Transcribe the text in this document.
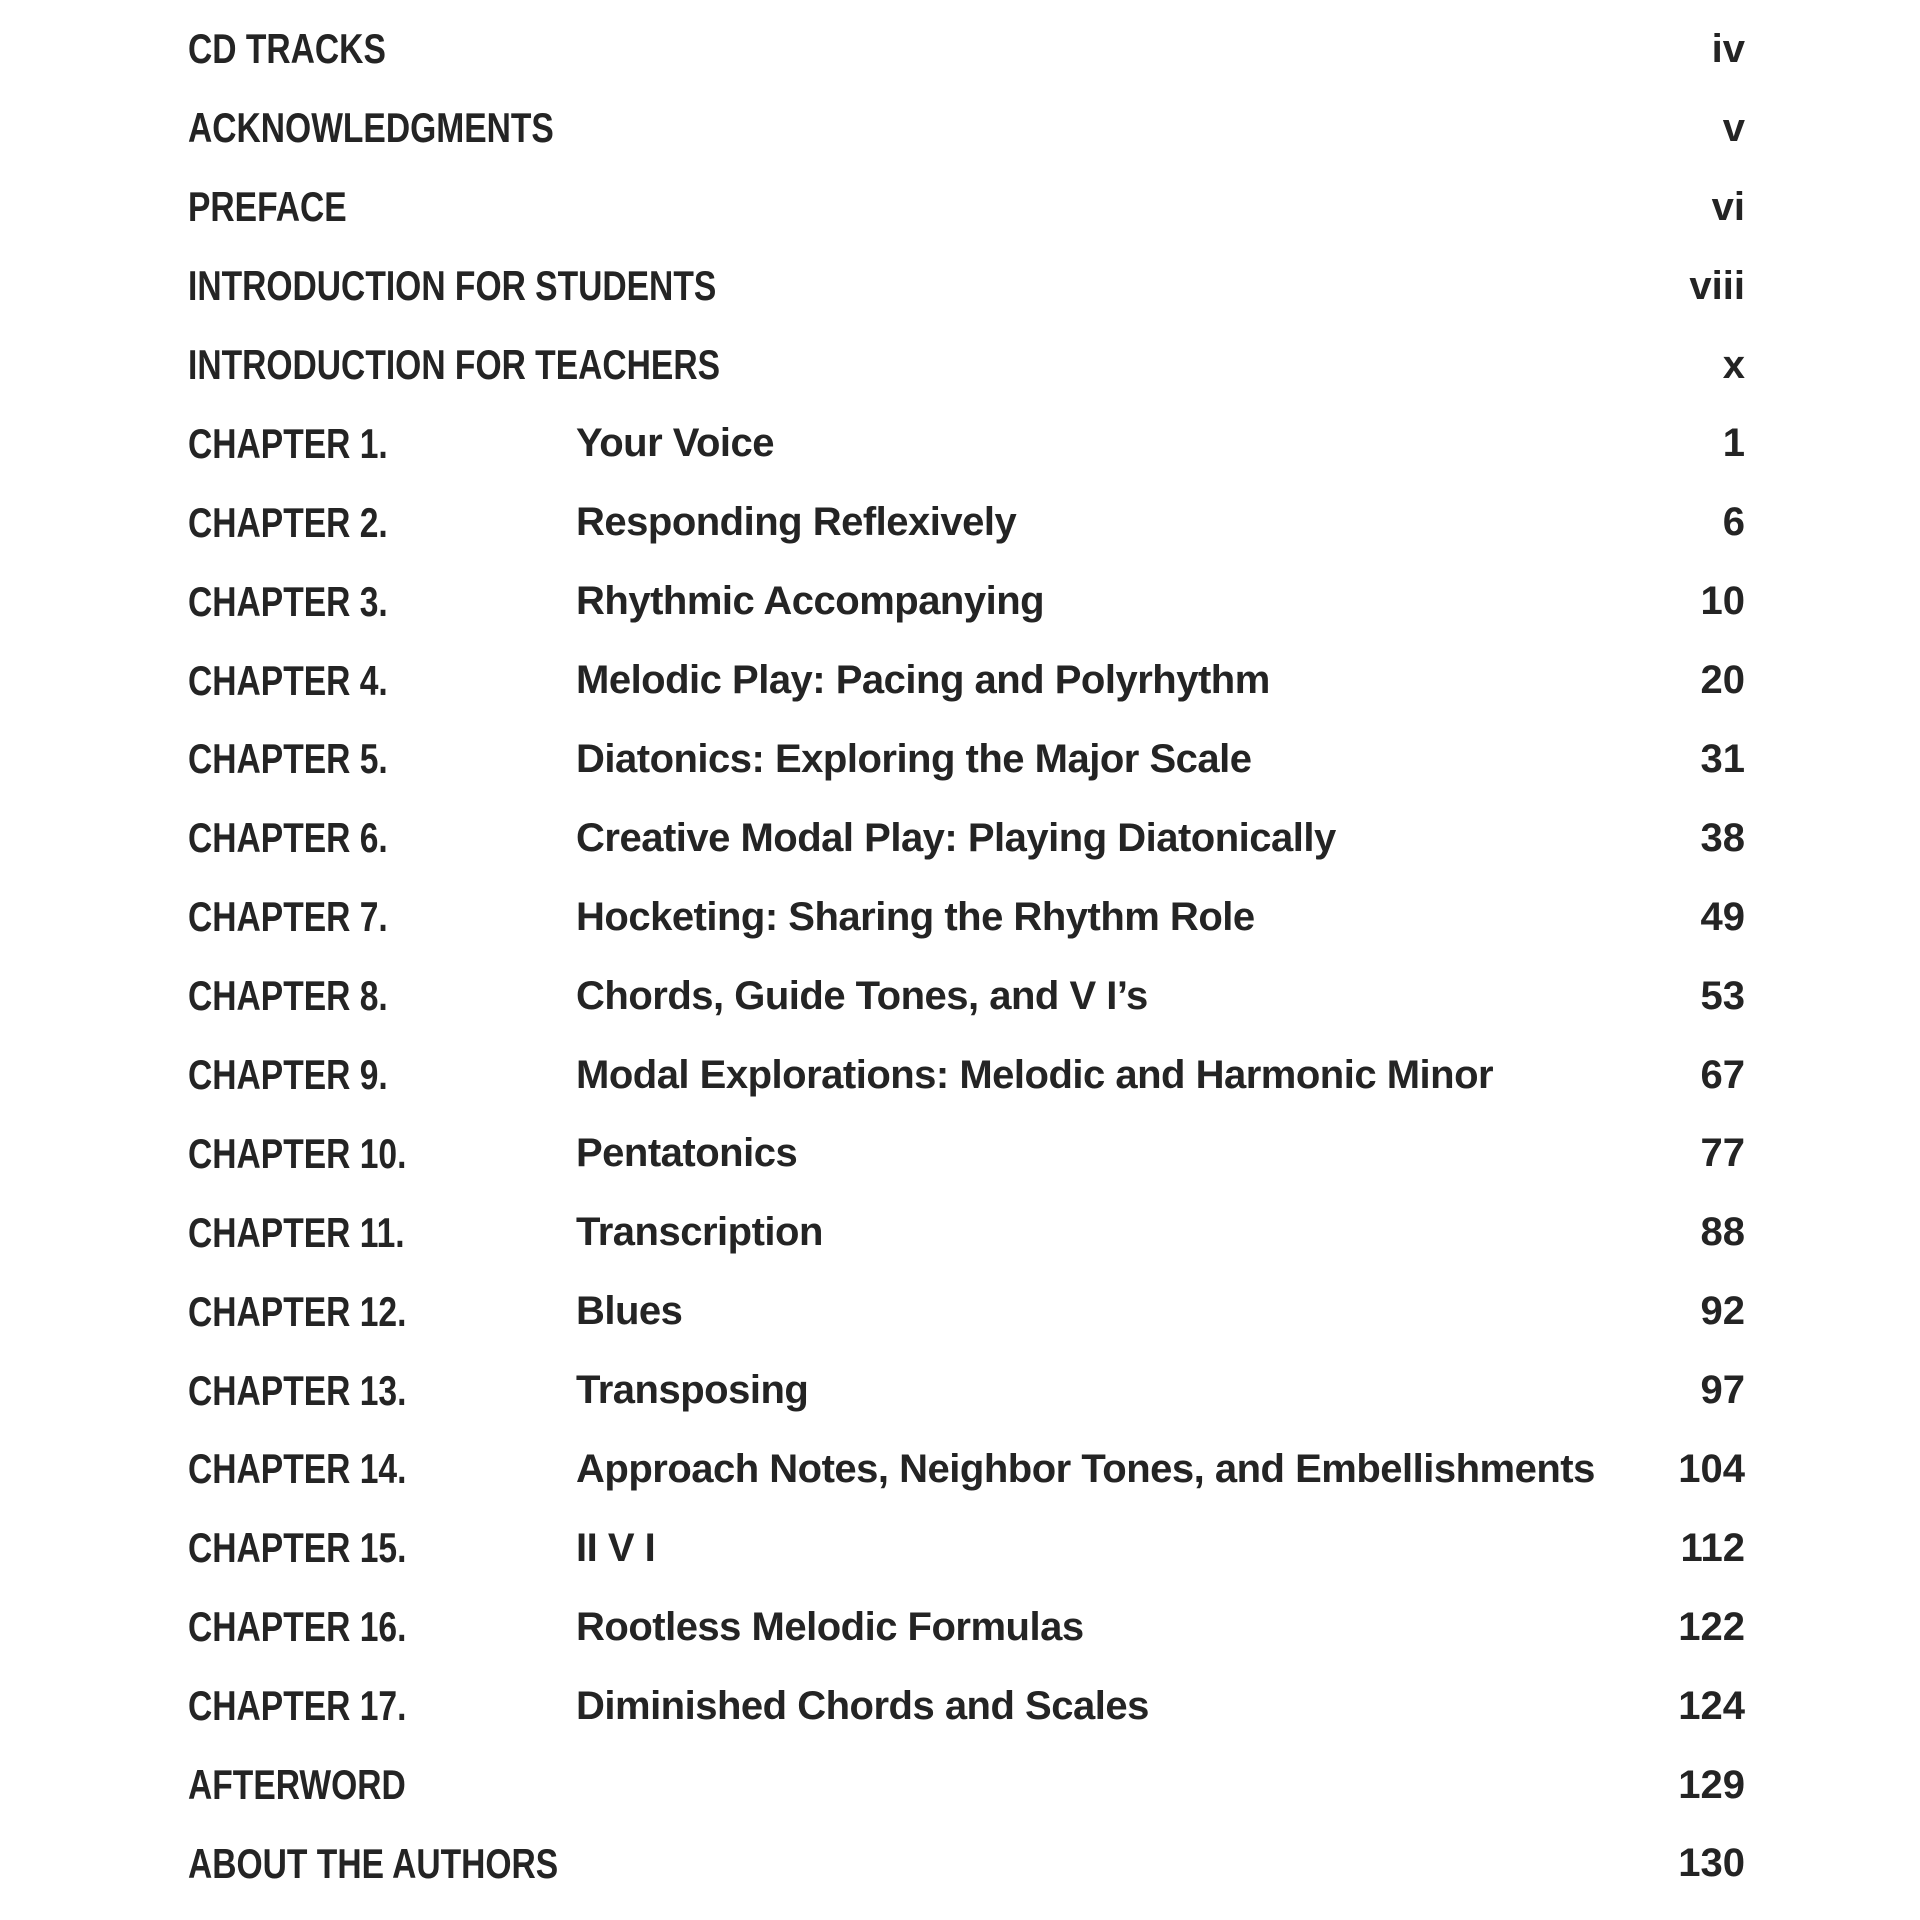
CD TRACKS	iv
ACKNOWLEDGMENTS	v
PREFACE	vi
INTRODUCTION FOR STUDENTS	viii
INTRODUCTION FOR TEACHERS	x
CHAPTER 1.	Your Voice	1
CHAPTER 2.	Responding Reflexively	6
CHAPTER 3.	Rhythmic Accompanying	10
CHAPTER 4.	Melodic Play: Pacing and Polyrhythm	20
CHAPTER 5.	Diatonics: Exploring the Major Scale	31
CHAPTER 6.	Creative Modal Play: Playing Diatonically	38
CHAPTER 7.	Hocketing: Sharing the Rhythm Role	49
CHAPTER 8.	Chords, Guide Tones, and V I’s	53
CHAPTER 9.	Modal Explorations: Melodic and Harmonic Minor	67
CHAPTER 10.	Pentatonics	77
CHAPTER 11.	Transcription	88
CHAPTER 12.	Blues	92
CHAPTER 13.	Transposing	97
CHAPTER 14.	Approach Notes, Neighbor Tones, and Embellishments	104
CHAPTER 15.	II V I	112
CHAPTER 16.	Rootless Melodic Formulas	122
CHAPTER 17.	Diminished Chords and Scales	124
AFTERWORD	129
ABOUT THE AUTHORS	130
